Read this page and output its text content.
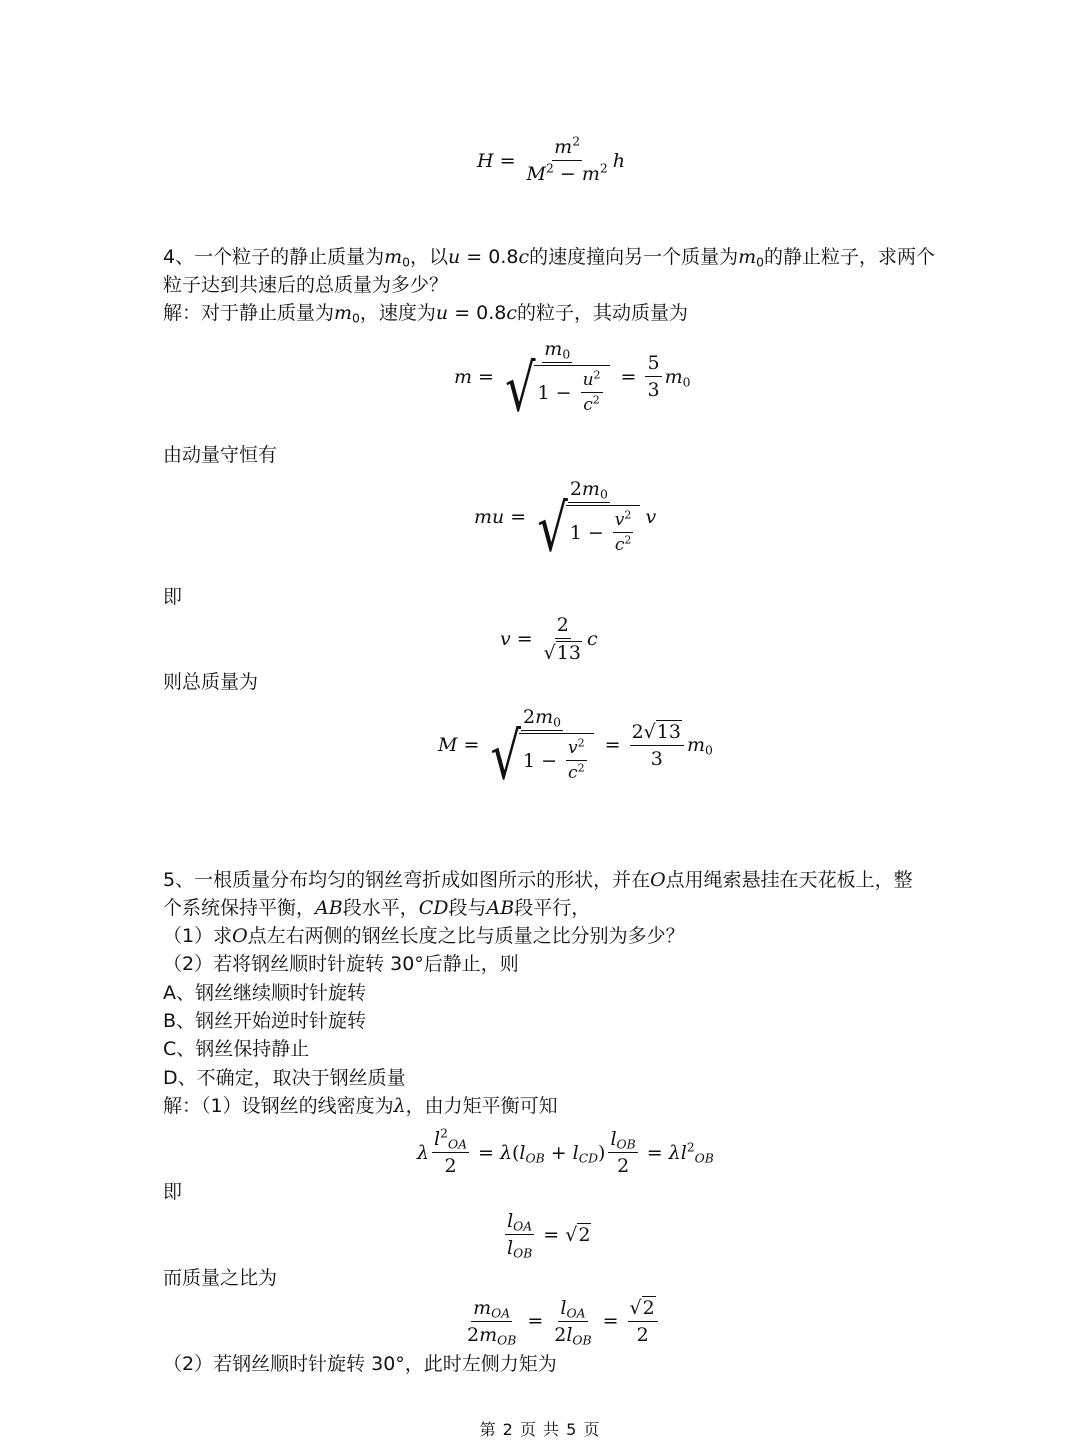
$H = \frac{m^2}{M^2 - m^2}$ h
4、一个粒子的静止质量为$m_0$，以u = 0.8c的速度撞向另一个质量为$m_0$的静止粒子，求两个
粒子达到共速后的总质量为多少？
解：对于静止质量为$m_0$，速度为u = 0.8c的粒子，其动质量为
$m = \frac{m_0}{√ 1 - \frac{u^2}{c^2}} = \frac{5}{3} m_0$
由动量守恒有
mu = $\frac{2m_0}{√ 1 - \frac{v^2}{c^2}}$ v
即
$v = \frac{2}{√ 13}$ c
则总质量为
$M = \frac{2m_0}{√ 1 - \frac{v^2}{c^2}} = \frac{2 √ 13}{3} m_0$
5、一根质量分布均匀的钢丝弯折成如图所示的形状，并在O点用绳索悬挂在天花板上，整
个系统保持平衡，AB段水平，CD段与AB段平行，
（1）求O点左右两侧的钢丝长度之比与质量之比分别为多少？
（2）若将钢丝顺时针旋转 30°后静止，则
A、钢丝继续顺时针旋转
B、钢丝开始逆时针旋转
C、钢丝保持静止
D、不确定，取决于钢丝质量
解：（1）设钢丝的线密度为λ，由力矩平衡可知
λ $\frac{l^2_{OA}}{2} = \lambda$ ( $l_{OB} + l_{CD}$ ) $\frac{l_{OB}}{2} = \lambda l^2_{OB}$
即
$\frac{l_{OA}}{l_{OB}}$ = √ 2
而质量之比为
$\frac{m_{OA}}{2m_{OB}} = \frac{l_{OA}}{2l_{OB}} = \frac{√ 2}{2}$
（2）若钢丝顺时针旋转 30°，此时左侧力矩为
第 2 页 共 5 页
